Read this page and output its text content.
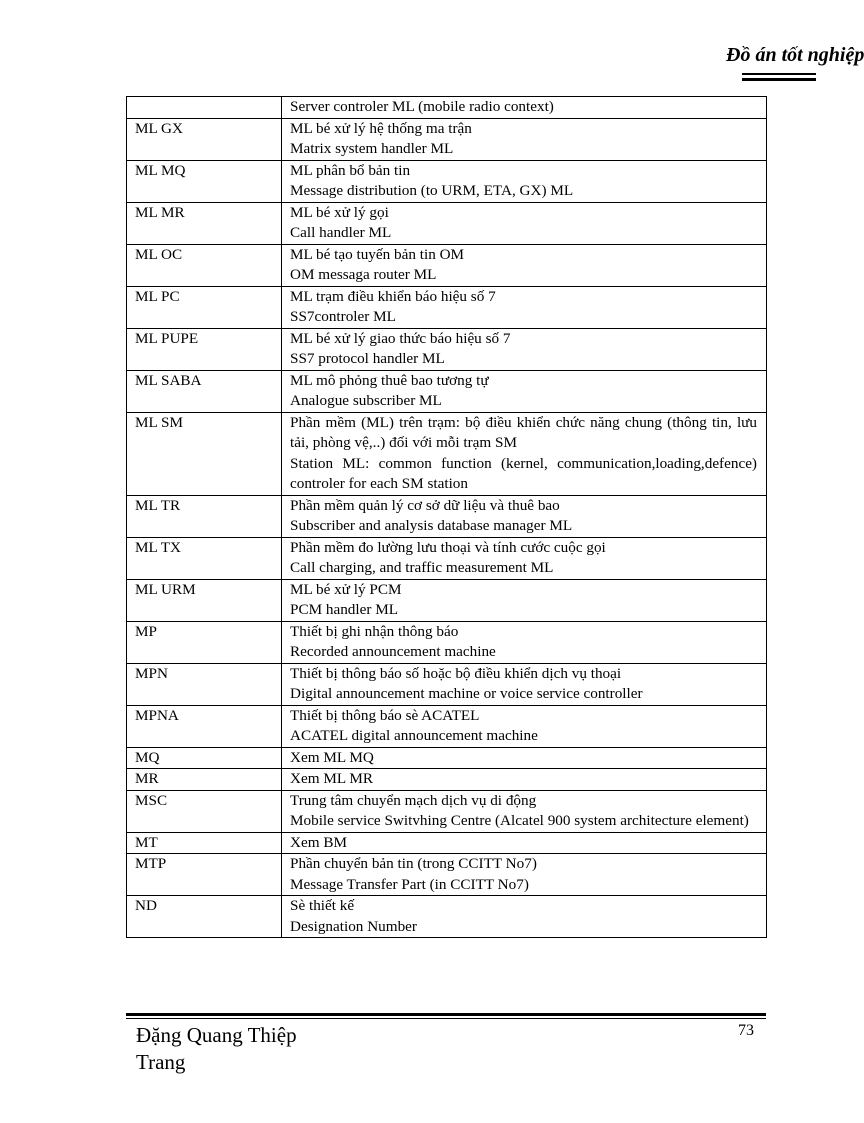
Đồ án tốt nghiệp

	Server controler ML (mobile radio context)

ML GX	ML bé xử lý hệ thống ma trận

Matrix system handler ML

ML MQ	ML phân bổ bản tin

Message distribution (to URM, ETA, GX) ML

ML MR	ML bé xử lý gọi

Call handler ML

ML OC	ML bé tạo tuyến bản tin OM

OM messaga router ML

ML PC	ML trạm điều khiển báo hiệu số 7

SS7controler ML

ML PUPE	ML bé xử lý giao thức báo hiệu số 7

SS7 protocol handler ML

ML SABA	ML mô phỏng thuê bao tương tự

Analogue subscriber ML

ML SM	Phần mềm (ML) trên trạm: bộ điều khiển chức năng chung (thông tin, lưu tải, phòng vệ,..) đối với mỗi trạm SM

Station ML: common function (kernel, communication,loading,defence) controler for each SM station

ML TR	Phần mềm quản lý cơ sở dữ liệu và thuê bao

Subscriber and analysis database manager ML

ML TX	Phần mềm đo lường lưu thoại và tính cước cuộc gọi

Call charging, and traffic measurement ML

ML URM	ML bé xử lý PCM

PCM handler ML

MP	Thiết bị ghi nhận thông báo

Recorded announcement machine

MPN	Thiết bị thông báo số hoặc bộ điều khiển dịch vụ thoại

Digital announcement machine or voice service controller

MPNA	Thiết bị thông báo sè ACATEL

ACATEL digital announcement machine

MQ	Xem ML MQ

MR	Xem ML MR

MSC	Trung tâm chuyển mạch dịch vụ di động

Mobile service Switvhing Centre (Alcatel 900 system architecture element)

MT	Xem BM

MTP	Phần chuyển bản tin (trong CCITT No7)

Message Transfer Part (in CCITT No7)

ND	Sè thiết kế

Designation Number

Đặng Quang Thiệp
Trang
73
